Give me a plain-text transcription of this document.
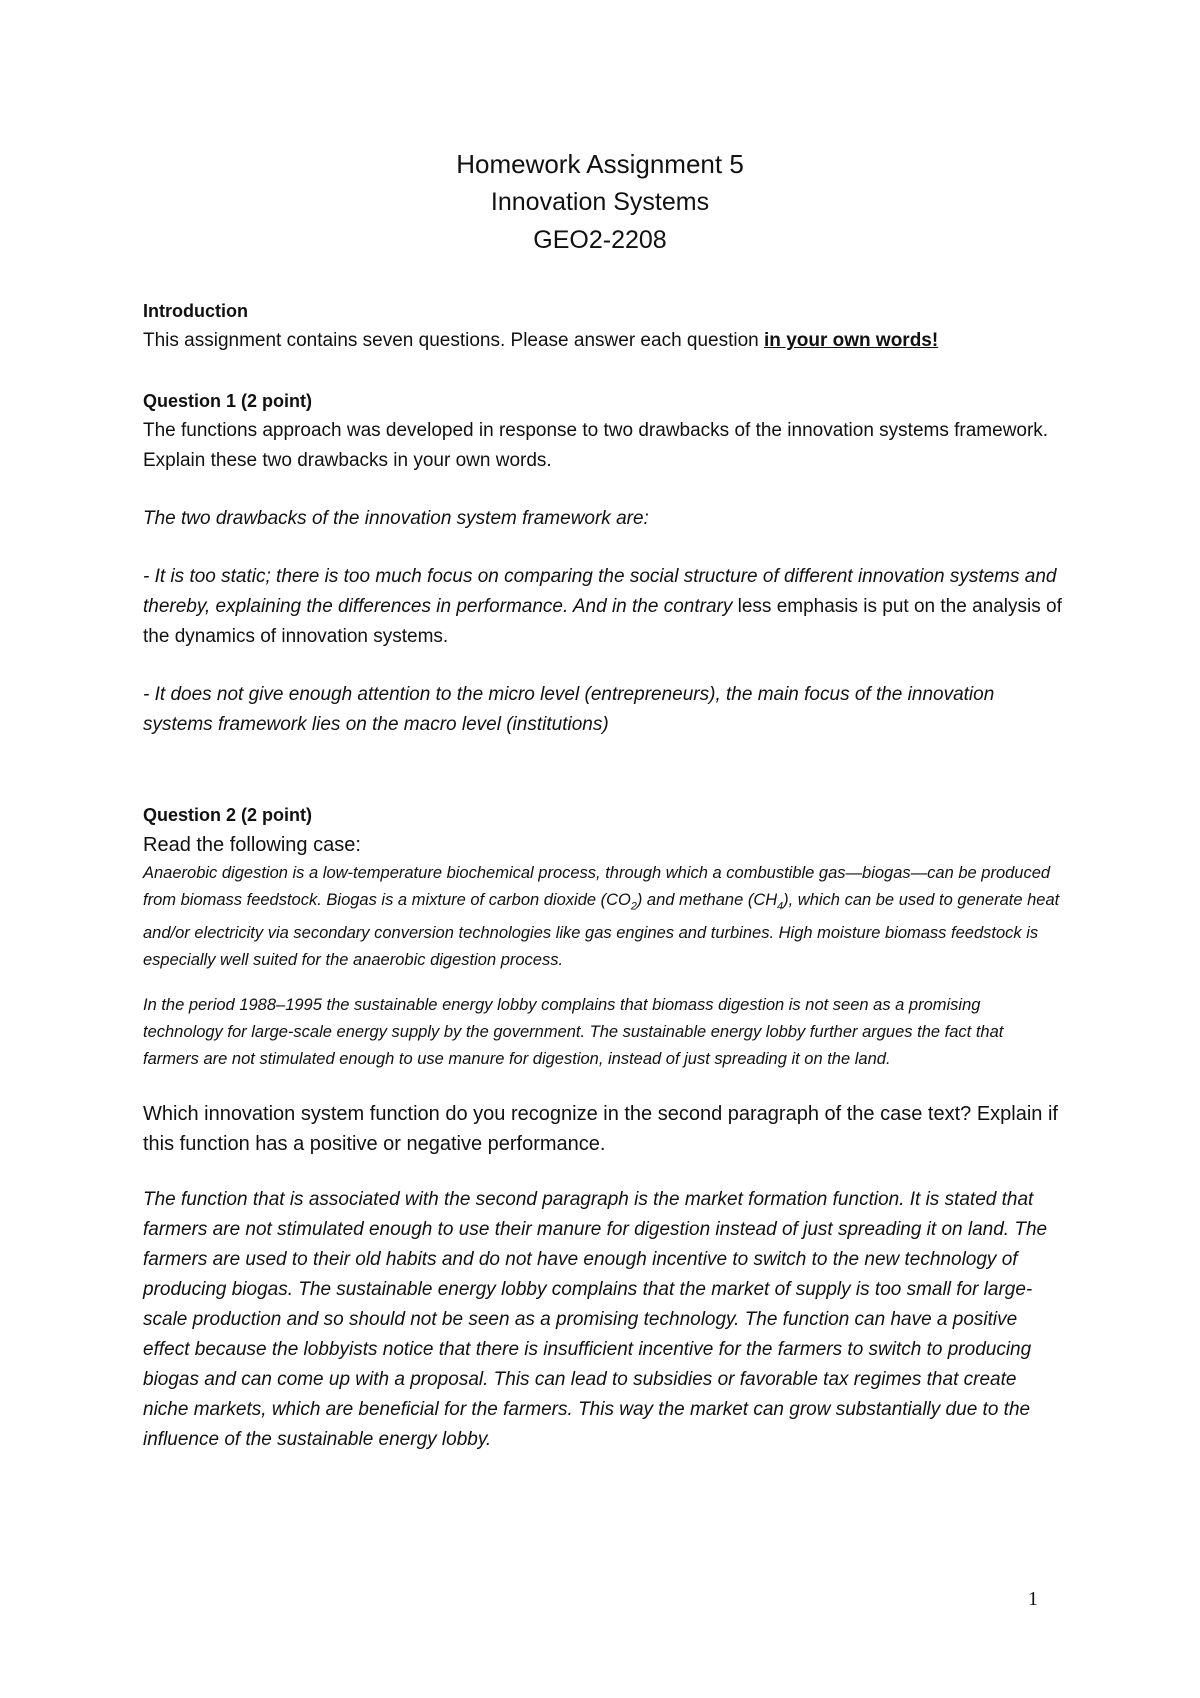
Homework Assignment 5
Innovation Systems
GEO2-2208

Introduction

This assignment contains seven questions. Please answer each question in your own words!

Question 1 (2 point)

The functions approach was developed in response to two drawbacks of the innovation systems framework. Explain these two drawbacks in your own words.

The two drawbacks of the innovation system framework are:

- It is too static; there is too much focus on comparing the social structure of different innovation systems and thereby, explaining the differences in performance. And in the contrary less emphasis is put on the analysis of the dynamics of innovation systems.

- It does not give enough attention to the micro level (entrepreneurs), the main focus of the innovation systems framework lies on the macro level (institutions)

Question 2 (2 point)

Read the following case:

Anaerobic digestion is a low-temperature biochemical process, through which a combustible gas—biogas—can be produced from biomass feedstock. Biogas is a mixture of carbon dioxide $(CO_2)$ and methane $(CH_4)$, which can be used to generate heat and/or electricity via secondary conversion technologies like gas engines and turbines. High moisture biomass feedstock is especially well suited for the anaerobic digestion process.

In the period 1988–1995 the sustainable energy lobby complains that biomass digestion is not seen as a promising technology for large-scale energy supply by the government. The sustainable energy lobby further argues the fact that farmers are not stimulated enough to use manure for digestion, instead of just spreading it on the land.

Which innovation system function do you recognize in the second paragraph of the case text? Explain if this function has a positive or negative performance.

The function that is associated with the second paragraph is the market formation function. It is stated that farmers are not stimulated enough to use their manure for digestion instead of just spreading it on land. The farmers are used to their old habits and do not have enough incentive to switch to the new technology of producing biogas. The sustainable energy lobby complains that the market of supply is too small for large-scale production and so should not be seen as a promising technology. The function can have a positive effect because the lobbyists notice that there is insufficient incentive for the farmers to switch to producing biogas and can come up with a proposal. This can lead to subsidies or favorable tax regimes that create niche markets, which are beneficial for the farmers. This way the market can grow substantially due to the influence of the sustainable energy lobby.

1
